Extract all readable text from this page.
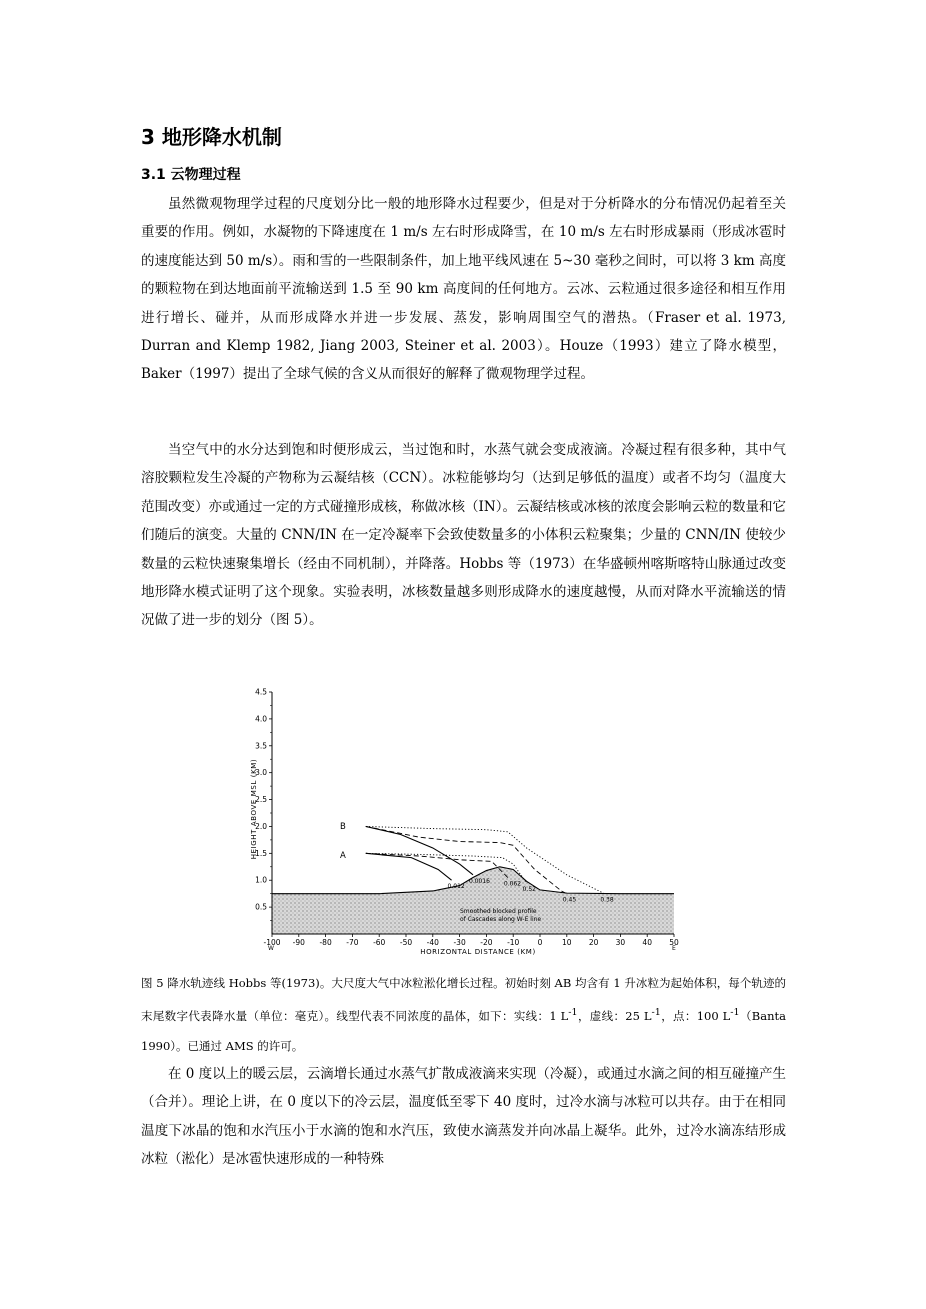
3 地形降水机制
3.1 云物理过程

虽然微观物理学过程的尺度划分比一般的地形降水过程要少，但是对于分析降水的分布情况仍起着至关重要的作用。例如，水凝物的下降速度在 1 m/s 左右时形成降雪，在 10 m/s 左右时形成暴雨（形成冰雹时的速度能达到 50 m/s）。雨和雪的一些限制条件，加上地平线风速在 5~30 毫秒之间时，可以将 3 km 高度的颗粒物在到达地面前平流输送到 1.5 至 90 km 高度间的任何地方。云冰、云粒通过很多途径和相互作用进行增长、碰并，从而形成降水并进一步发展、蒸发，影响周围空气的潜热。（Fraser et al. 1973, Durran and Klemp 1982, Jiang 2003, Steiner et al. 2003）。Houze（1993）建立了降水模型，Baker（1997）提出了全球气候的含义从而很好的解释了微观物理学过程。

当空气中的水分达到饱和时便形成云，当过饱和时，水蒸气就会变成液滴。冷凝过程有很多种，其中气溶胶颗粒发生冷凝的产物称为云凝结核（CCN）。冰粒能够均匀（达到足够低的温度）或者不均匀（温度大范围改变）亦或通过一定的方式碰撞形成核，称做冰核（IN）。云凝结核或冰核的浓度会影响云粒的数量和它们随后的演变。大量的 CNN/IN 在一定冷凝率下会致使数量多的小体积云粒聚集；少量的 CNN/IN 使较少数量的云粒快速聚集增长（经由不同机制），并降落。Hobbs 等（1973）在华盛顿州喀斯喀特山脉通过改变地形降水模式证明了这个现象。实验表明，冰核数量越多则形成降水的速度越慢，从而对降水平流输送的情况做了进一步的划分（图 5）。

0.5
1.0
1.5
2.0
2.5
3.0
3.5
4.0
4.5
-100 -90 -80 -70 -60 -50 -40 -30 -20 -10 0	10 20 30 40 50
HEIGHT ABOVE MSL (KM)
HORIZONTAL DISTANCE (KM)
W	E
Smoothed blocked profile
of Cascades along W-E line
B
A
0.0016
0.38
0.012	0.062
0.52
0.45

图 5 降水轨迹线 Hobbs 等(1973)。大尺度大气中冰粒淞化增长过程。初始时刻 AB 均含有 1 升冰粒为起始体积，每个轨迹的末尾数字代表降水量（单位：毫克）。线型代表不同浓度的晶体，如下：实线：1 $L^{-1}$，虚线：25 $L^{-1}$，点：100 $L^{-1}(Banta$ 1990）。已通过 AMS 的许可。

在 0 度以上的暖云层，云滴增长通过水蒸气扩散成液滴来实现（冷凝），或通过水滴之间的相互碰撞产生（合并）。理论上讲，在 0 度以下的冷云层，温度低至零下 40 度时，过冷水滴与冰粒可以共存。由于在相同温度下冰晶的饱和水汽压小于水滴的饱和水汽压，致使水滴蒸发并向冰晶上凝华。此外，过冷水滴冻结形成冰粒（淞化）是冰雹快速形成的一种特殊
